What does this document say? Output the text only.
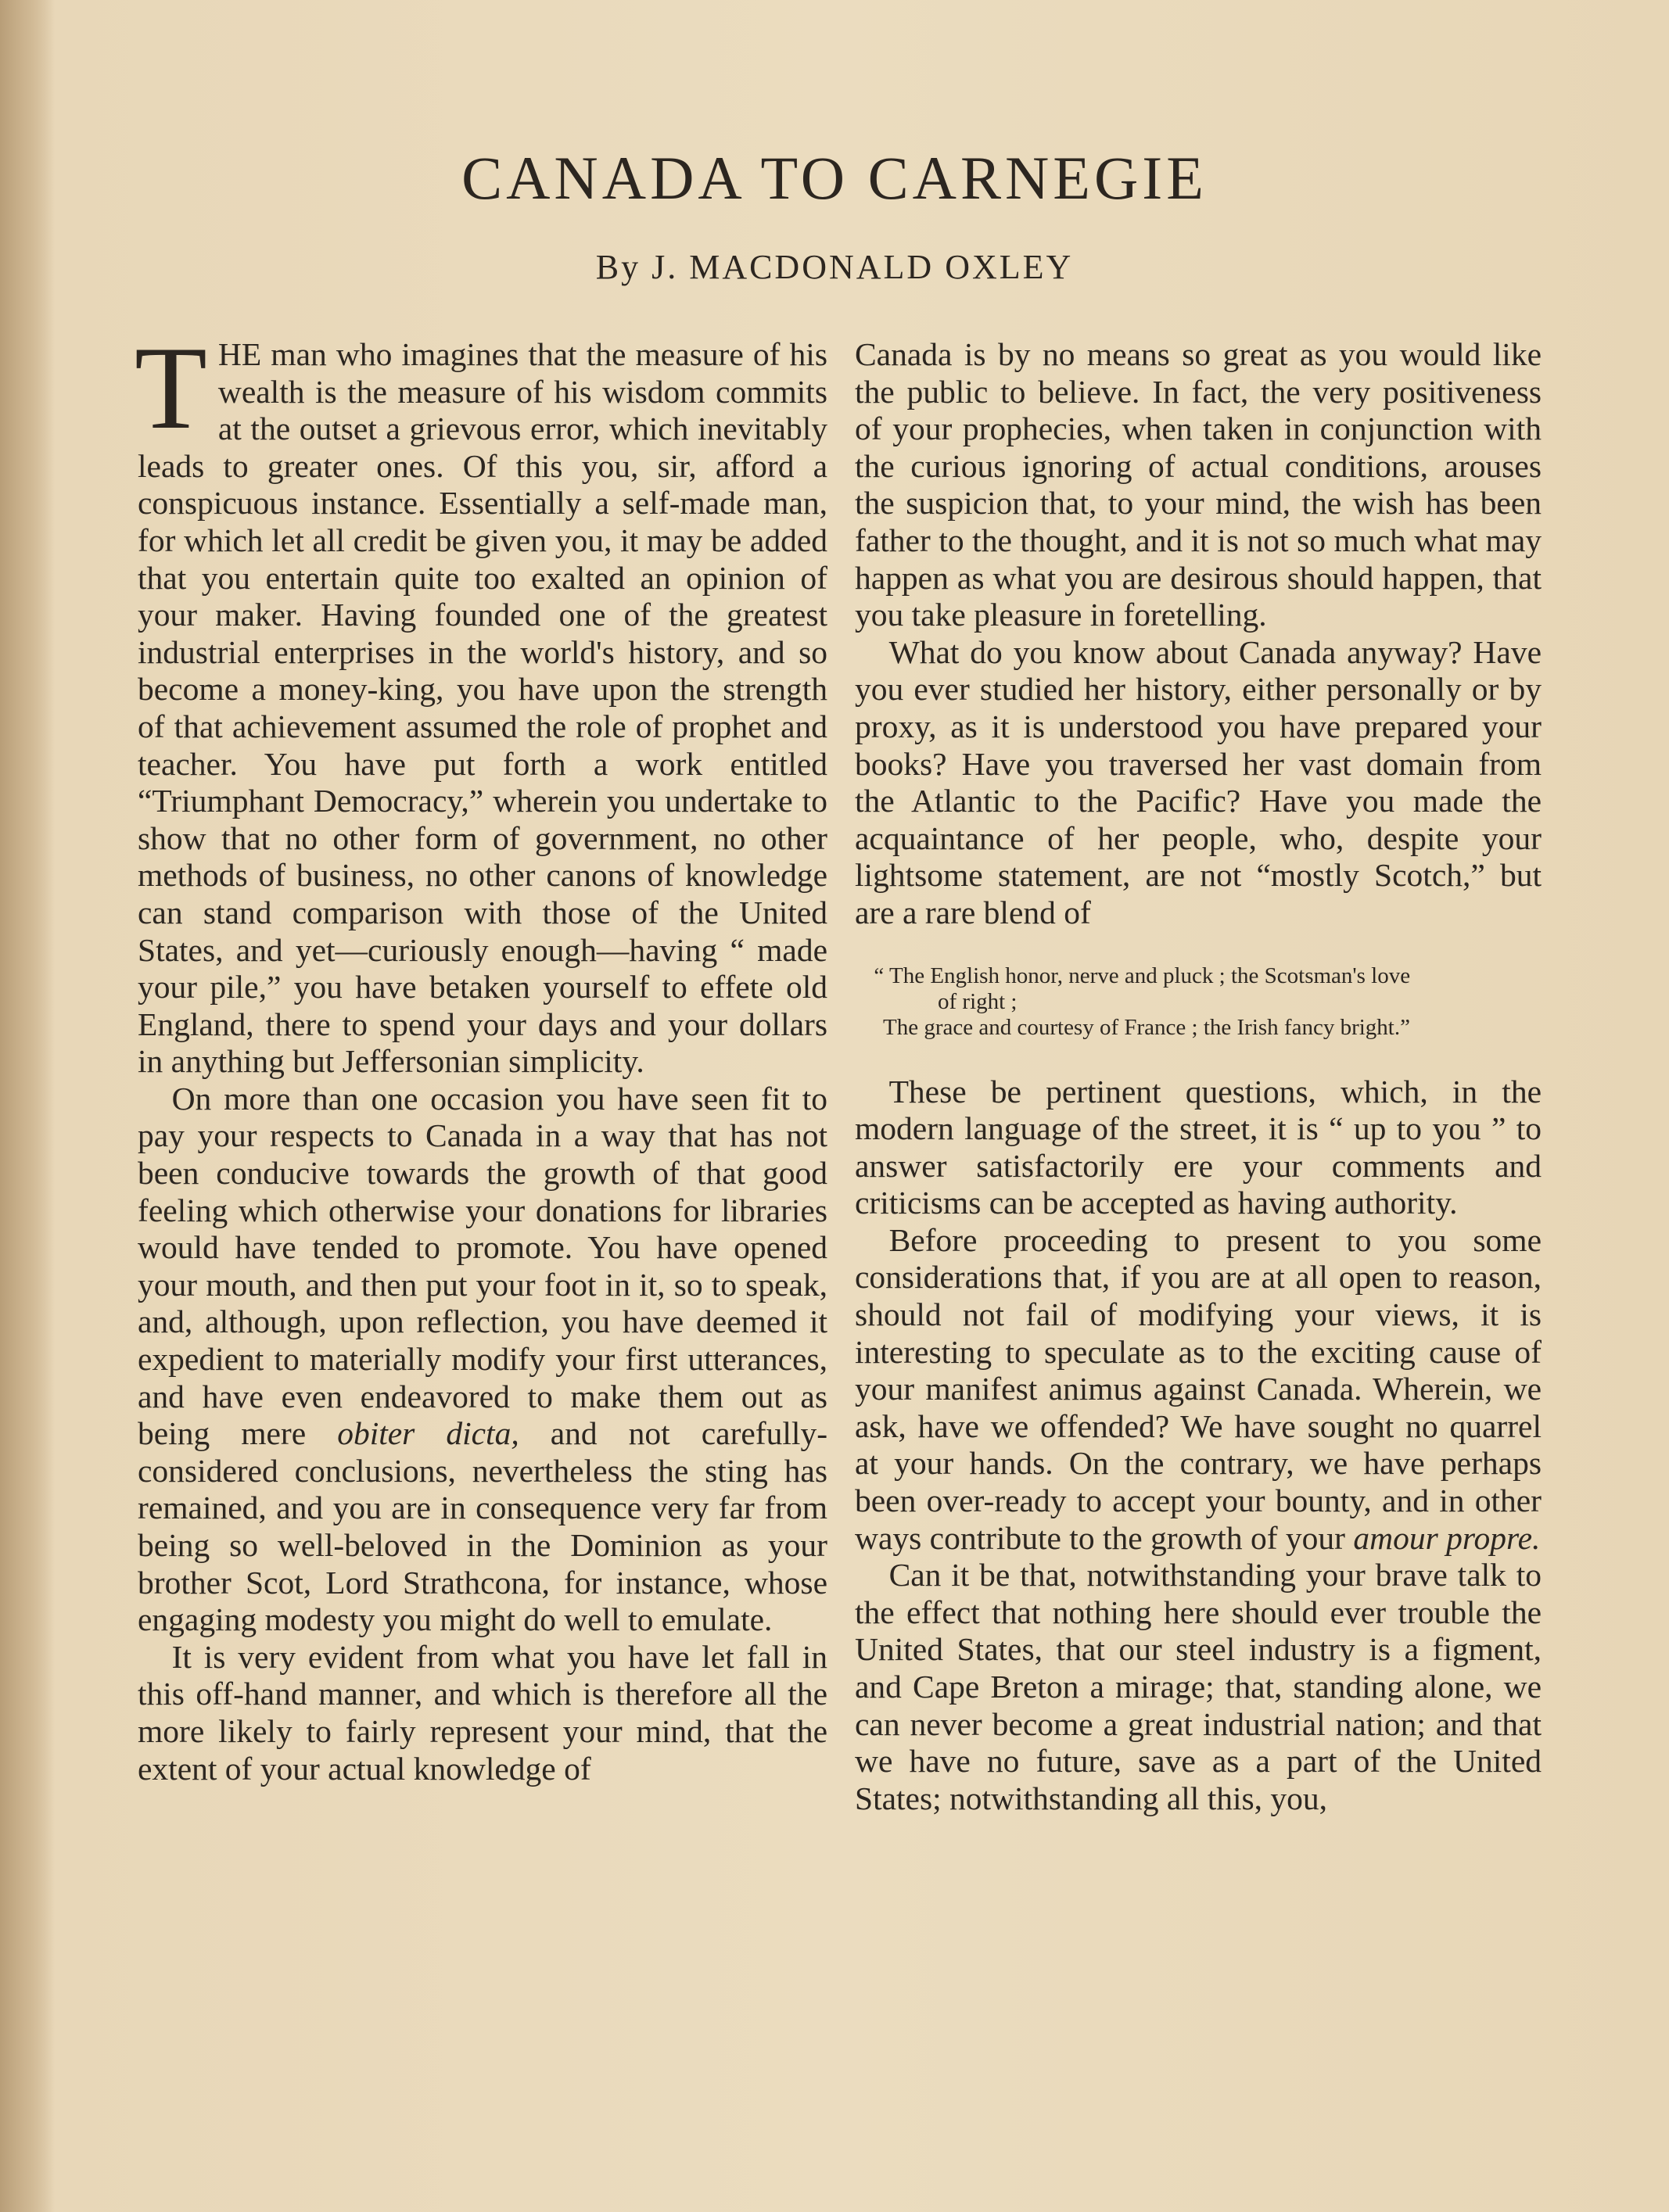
CANADA TO CARNEGIE
By J. MACDONALD OXLEY

THE man who imagines that the measure of his wealth is the measure of his wisdom commits at the outset a grievous error, which inevitably leads to greater ones. Of this you, sir, afford a conspicuous instance. Essentially a self-made man, for which let all credit be given you, it may be added that you entertain quite too exalted an opinion of your maker. Having founded one of the greatest industrial enterprises in the world's history, and so become a money-king, you have upon the strength of that achievement assumed the role of prophet and teacher. You have put forth a work entitled “Triumphant Democracy,” wherein you undertake to show that no other form of government, no other methods of business, no other canons of knowledge can stand comparison with those of the United States, and yet—curiously enough—having “ made your pile,” you have betaken yourself to effete old England, there to spend your days and your dollars in anything but Jeffersonian simplicity.

On more than one occasion you have seen fit to pay your respects to Canada in a way that has not been conducive towards the growth of that good feeling which otherwise your donations for libraries would have tended to promote. You have opened your mouth, and then put your foot in it, so to speak, and, although, upon reflection, you have deemed it expedient to materially modify your first utterances, and have even endeavored to make them out as being mere obiter dicta, and not carefully-considered conclusions, nevertheless the sting has remained, and you are in consequence very far from being so well-beloved in the Dominion as your brother Scot, Lord Strathcona, for instance, whose engaging modesty you might do well to emulate.

It is very evident from what you have let fall in this off-hand manner, and which is therefore all the more likely to fairly represent your mind, that the extent of your actual knowledge of

Canada is by no means so great as you would like the public to believe. In fact, the very positiveness of your prophecies, when taken in conjunction with the curious ignoring of actual conditions, arouses the suspicion that, to your mind, the wish has been father to the thought, and it is not so much what may happen as what you are desirous should happen, that you take pleasure in foretelling.

What do you know about Canada anyway? Have you ever studied her history, either personally or by proxy, as it is understood you have prepared your books? Have you traversed her vast domain from the Atlantic to the Pacific? Have you made the acquaintance of her people, who, despite your lightsome statement, are not “mostly Scotch,” but are a rare blend of

“ The English honor, nerve and pluck ; the Scotsman's love
of right ;
The grace and courtesy of France ; the Irish fancy bright.”

These be pertinent questions, which, in the modern language of the street, it is “ up to you ” to answer satisfactorily ere your comments and criticisms can be accepted as having authority.

Before proceeding to present to you some considerations that, if you are at all open to reason, should not fail of modifying your views, it is interesting to speculate as to the exciting cause of your manifest animus against Canada. Wherein, we ask, have we offended? We have sought no quarrel at your hands. On the contrary, we have perhaps been over-ready to accept your bounty, and in other ways contribute to the growth of your amour propre.

Can it be that, notwithstanding your brave talk to the effect that nothing here should ever trouble the United States, that our steel industry is a figment, and Cape Breton a mirage; that, standing alone, we can never become a great industrial nation; and that we have no future, save as a part of the United States; notwithstanding all this, you,
